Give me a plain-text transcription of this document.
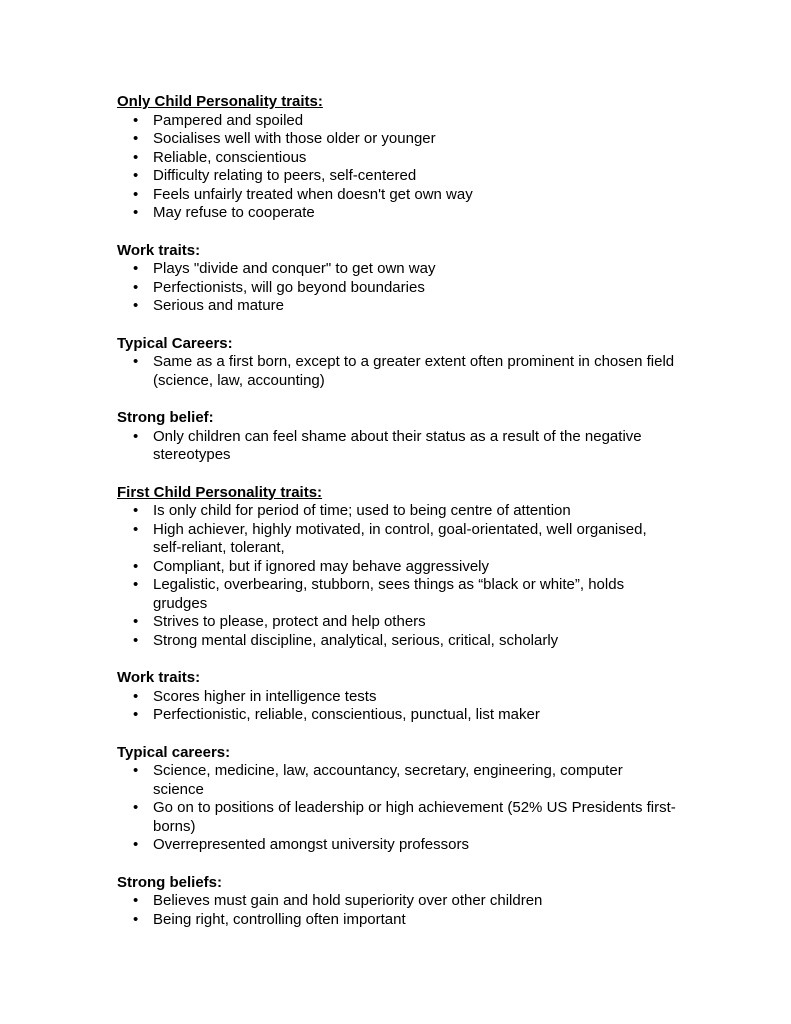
Only Child Personality traits:
• Pampered and spoiled
• Socialises well with those older or younger
• Reliable, conscientious
• Difficulty relating to peers, self-centered
• Feels unfairly treated when doesn't get own way
• May refuse to cooperate
Work traits:
• Plays "divide and conquer" to get own way
• Perfectionists, will go beyond boundaries
• Serious and mature
Typical Careers:
• Same as a first born, except to a greater extent often prominent in chosen field (science, law, accounting)
Strong belief:
• Only children can feel shame about their status as a result of the negative stereotypes
First Child Personality traits:
• Is only child for period of time; used to being centre of attention
• High achiever, highly motivated, in control, goal-orientated, well organised, self-reliant, tolerant,
• Compliant, but if ignored may behave aggressively
• Legalistic, overbearing, stubborn, sees things as “black or white”, holds grudges
• Strives to please, protect and help others
• Strong mental discipline, analytical, serious, critical, scholarly
Work traits:
• Scores higher in intelligence tests
• Perfectionistic, reliable, conscientious, punctual, list maker
Typical careers:
• Science, medicine, law, accountancy, secretary, engineering, computer science
• Go on to positions of leadership or high achievement (52% US Presidents first-borns)
• Overrepresented amongst university professors
Strong beliefs:
• Believes must gain and hold superiority over other children
• Being right, controlling often important
